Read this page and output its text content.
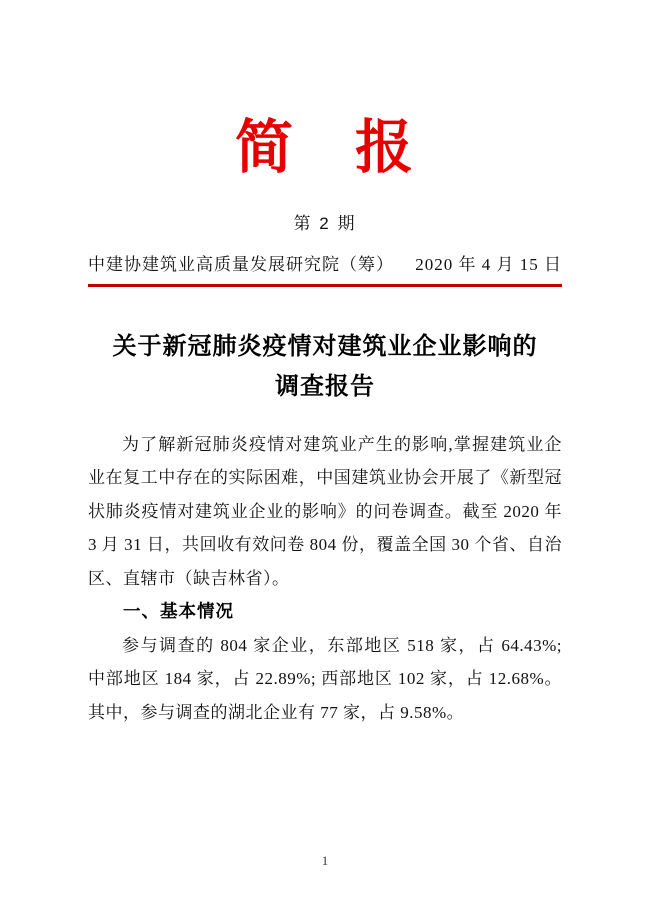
简　报
第 2 期
中建协建筑业高质量发展研究院（筹） 2020 年 4 月 15 日
关于新冠肺炎疫情对建筑业企业影响的
调查报告

为了解新冠肺炎疫情对建筑业产生的影响,掌握建筑业企业在复工中存在的实际困难，中国建筑业协会开展了《新型冠状肺炎疫情对建筑业企业的影响》的问卷调查。截至 2020 年 3 月 31 日，共回收有效问卷 804 份，覆盖全国 30 个省、自治区、直辖市（缺吉林省）。

一、基本情况

参与调查的 804 家企业，东部地区 518 家，占 64.43%; 中部地区 184 家，占 22.89%; 西部地区 102 家，占 12.68%。 其中，参与调查的湖北企业有 77 家，占 9.58%。

1
